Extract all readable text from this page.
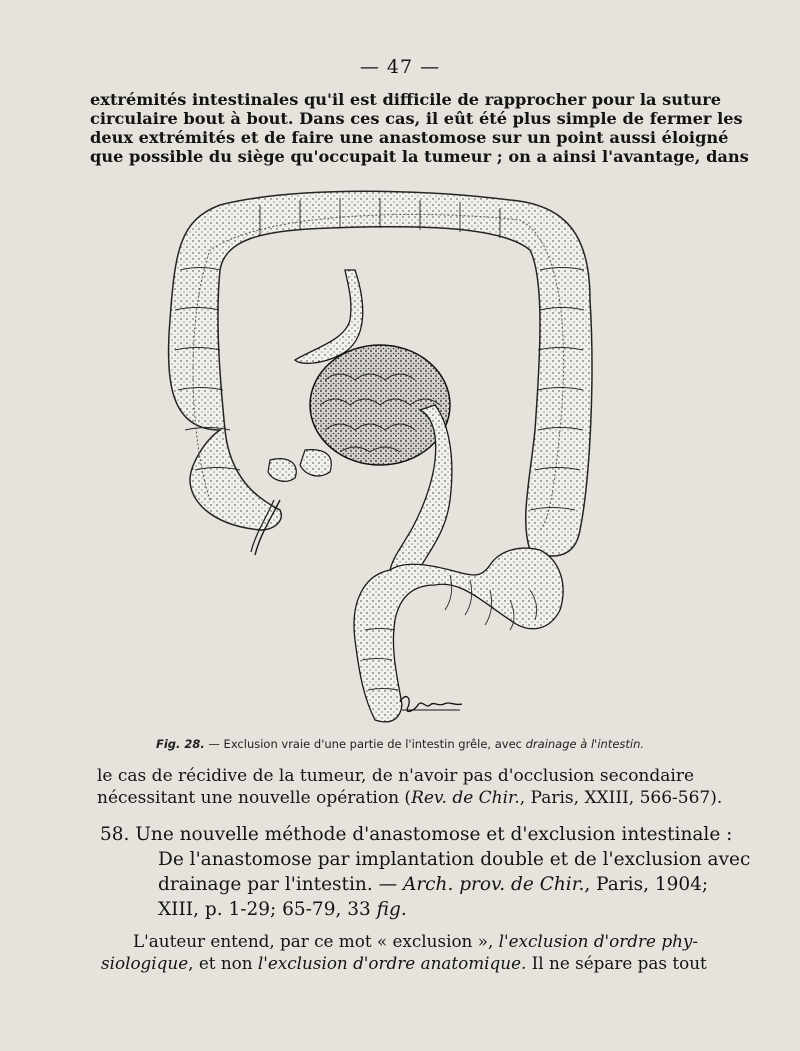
— 47 —

extrémités intestinales qu'il est difficile de rapprocher pour la suture
circulaire bout à bout. Dans ces cas, il eût été plus simple de fermer les
deux extrémités et de faire une anastomose sur un point aussi éloigné
que possible du siège qu'occupait la tumeur ; on a ainsi l'avantage, dans

Fig. 28. — Exclusion vraie d'une partie de l'intestin grêle, avec drainage à l'intestin.

le cas de récidive de la tumeur, de n'avoir pas d'occlusion secondaire
nécessitant une nouvelle opération (Rev. de Chir., Paris, XXIII, 566-567).

58. Une nouvelle méthode d'anastomose et d'exclusion intestinale :
De l'anastomose par implantation double et de l'exclusion avec
drainage par l'intestin. — Arch. prov. de Chir., Paris, 1904;
XIII, p. 1-29; 65-79, 33 fig.

L'auteur entend, par ce mot « exclusion », l'exclusion d'ordre phy-
siologique, et non l'exclusion d'ordre anatomique. Il ne sépare pas tout
